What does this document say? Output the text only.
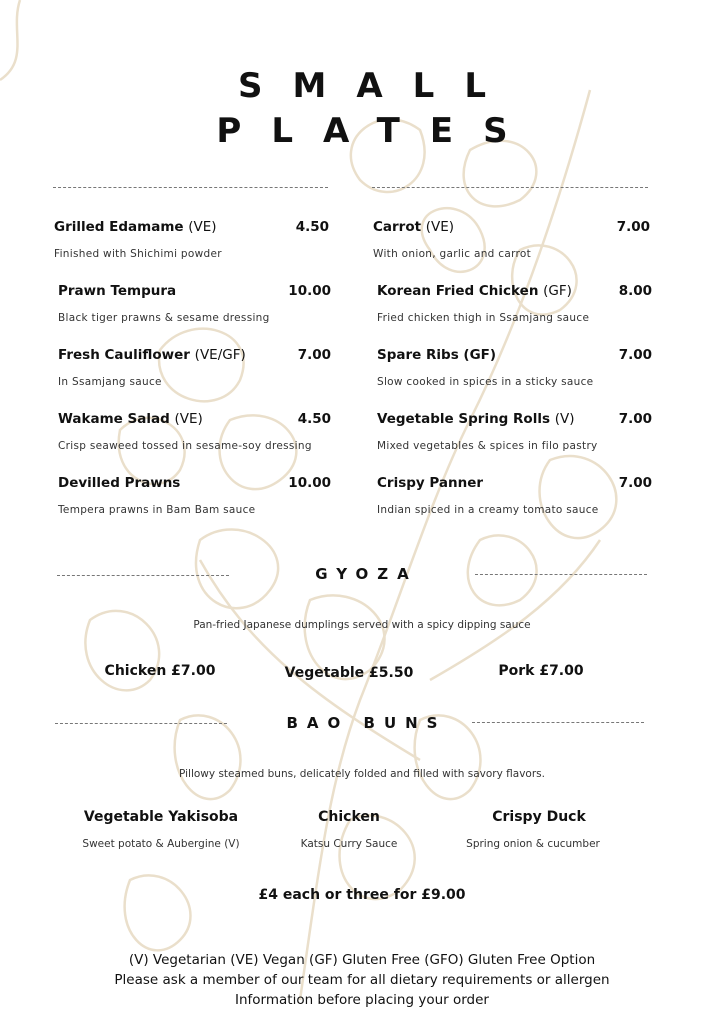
SMALL
PLATES
Grilled Edamame (VE)	4.50
Finished with Shichimi powder
Prawn Tempura	10.00
Black tiger prawns & sesame dressing
Fresh Cauliflower (VE/GF)	7.00
In Ssamjang sauce
Wakame Salad (VE)	4.50
Crisp seaweed tossed in sesame-soy dressing
Devilled Prawns	10.00
Tempera prawns in Bam Bam sauce
Carrot (VE)	7.00
With onion, garlic and carrot
Korean Fried Chicken (GF)	8.00
Fried chicken thigh in Ssamjang sauce
Spare Ribs (GF)	7.00
Slow cooked in spices in a sticky sauce
Vegetable Spring Rolls (V)	7.00
Mixed vegetables & spices in filo pastry
Crispy Panner	7.00
Indian spiced in a creamy tomato sauce
GYOZA
Pan-fried Japanese dumplings served with a spicy dipping sauce
Chicken £7.00	Vegetable £5.50	Pork £7.00
BAO BUNS
Pillowy steamed buns, delicately folded and filled with savory flavors.
Vegetable Yakisoba
Sweet potato & Aubergine (V)
Chicken
Katsu Curry Sauce
Crispy Duck
Spring onion & cucumber
£4 each or three for £9.00
(V) Vegetarian (VE) Vegan (GF) Gluten Free (GFO) Gluten Free Option
Please ask a member of our team for all dietary requirements or allergen
Information before placing your order
